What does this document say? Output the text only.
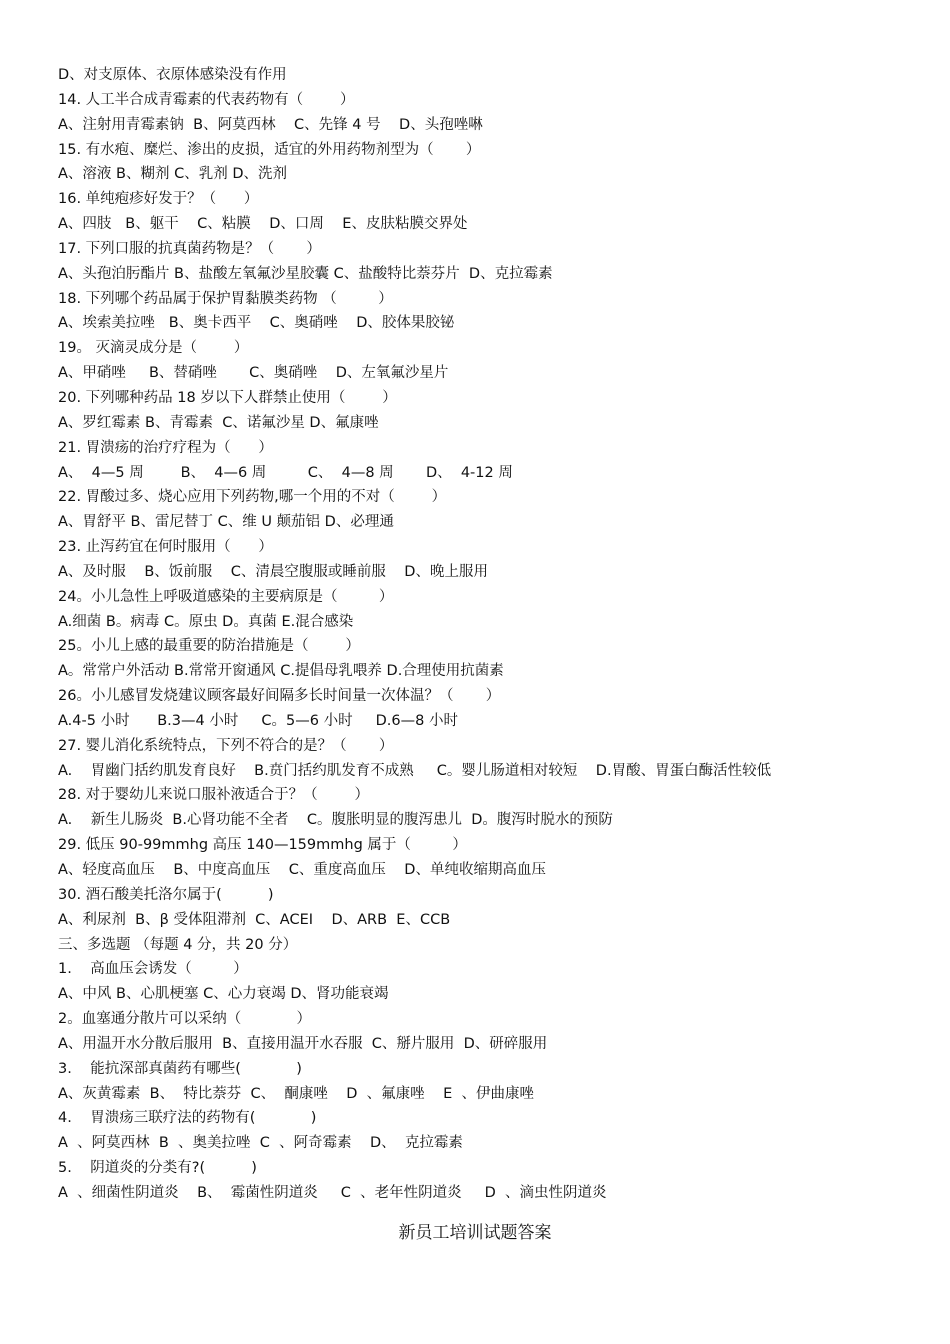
D、对支原体、衣原体感染没有作用
14. 人工半合成青霉素的代表药物有（        ）
A、注射用青霉素钠  B、阿莫西林    C、先锋 4 号    D、头孢唑啉
15. 有水疱、糜烂、渗出的皮损，适宜的外用药物剂型为（       ）
A、溶液 B、糊剂 C、乳剂 D、洗剂
16. 单纯疱疹好发于？（      ）
A、四肢   B、躯干    C、粘膜    D、口周    E、皮肤粘膜交界处
17. 下列口服的抗真菌药物是？（       ）
A、头孢泊肟酯片 B、盐酸左氧氟沙星胶囊 C、盐酸特比萘芬片  D、克拉霉素
18. 下列哪个药品属于保护胃黏膜类药物 （         ）
A、埃索美拉唑   B、奥卡西平    C、奥硝唑    D、胶体果胶铋
19。 灭滴灵成分是（        ）
A、甲硝唑     B、替硝唑       C、奥硝唑    D、左氧氟沙星片
20. 下列哪种药品 18 岁以下人群禁止使用（        ）
A、罗红霉素 B、青霉素  C、诺氟沙星 D、氟康唑
21. 胃溃疡的治疗疗程为（      ）
A、  4—5 周        B、  4—6 周         C、  4—8 周       D、  4-12 周
22. 胃酸过多、烧心应用下列药物,哪一个用的不对（        ）
A、胃舒平 B、雷尼替丁 C、维 U 颠茄铝 D、必理通
23. 止泻药宜在何时服用（      ）
A、及时服    B、饭前服    C、清晨空腹服或睡前服    D、晚上服用
24。小儿急性上呼吸道感染的主要病原是（         ）
A.细菌 B。病毒 C。原虫 D。真菌 E.混合感染
25。小儿上感的最重要的防治措施是（        ）
A。常常户外活动 B.常常开窗通风 C.提倡母乳喂养 D.合理使用抗菌素
26。小儿感冒发烧建议顾客最好间隔多长时间量一次体温？（       ）
A.4-5 小时      B.3—4 小时     C。5—6 小时     D.6—8 小时
27. 婴儿消化系统特点，下列不符合的是？（       ）
A.    胃幽门括约肌发育良好    B.贲门括约肌发育不成熟     C。婴儿肠道相对较短    D.胃酸、胃蛋白酶活性较低
28. 对于婴幼儿来说口服补液适合于？（        ）
A.    新生儿肠炎  B.心肾功能不全者    C。腹胀明显的腹泻患儿  D。腹泻时脱水的预防
29. 低压 90-99mmhg 高压 140—159mmhg 属于（         ）
A、轻度高血压    B、中度高血压    C、重度高血压    D、单纯收缩期高血压
30. 酒石酸美托洛尔属于(          )
A、利尿剂  B、β 受体阻滞剂  C、ACEI    D、ARB  E、CCB
三、多选题 （每题 4 分，共 20 分）
1.    高血压会诱发（         ）
A、中风 B、心肌梗塞 C、心力衰竭 D、肾功能衰竭
2。血塞通分散片可以采纳（            ）
A、用温开水分散后服用  B、直接用温开水吞服  C、掰片服用  D、研碎服用
3.    能抗深部真菌药有哪些(            )
A、灰黄霉素  B、  特比萘芬  C、  酮康唑    D  、氟康唑    E  、伊曲康唑
4.    胃溃疡三联疗法的药物有(            )
A  、阿莫西林  B  、奥美拉唑  C  、阿奇霉素    D、  克拉霉素
5.    阴道炎的分类有?(          )
A  、细菌性阴道炎    B、  霉菌性阴道炎     C  、老年性阴道炎     D  、滴虫性阴道炎
新员工培训试题答案
